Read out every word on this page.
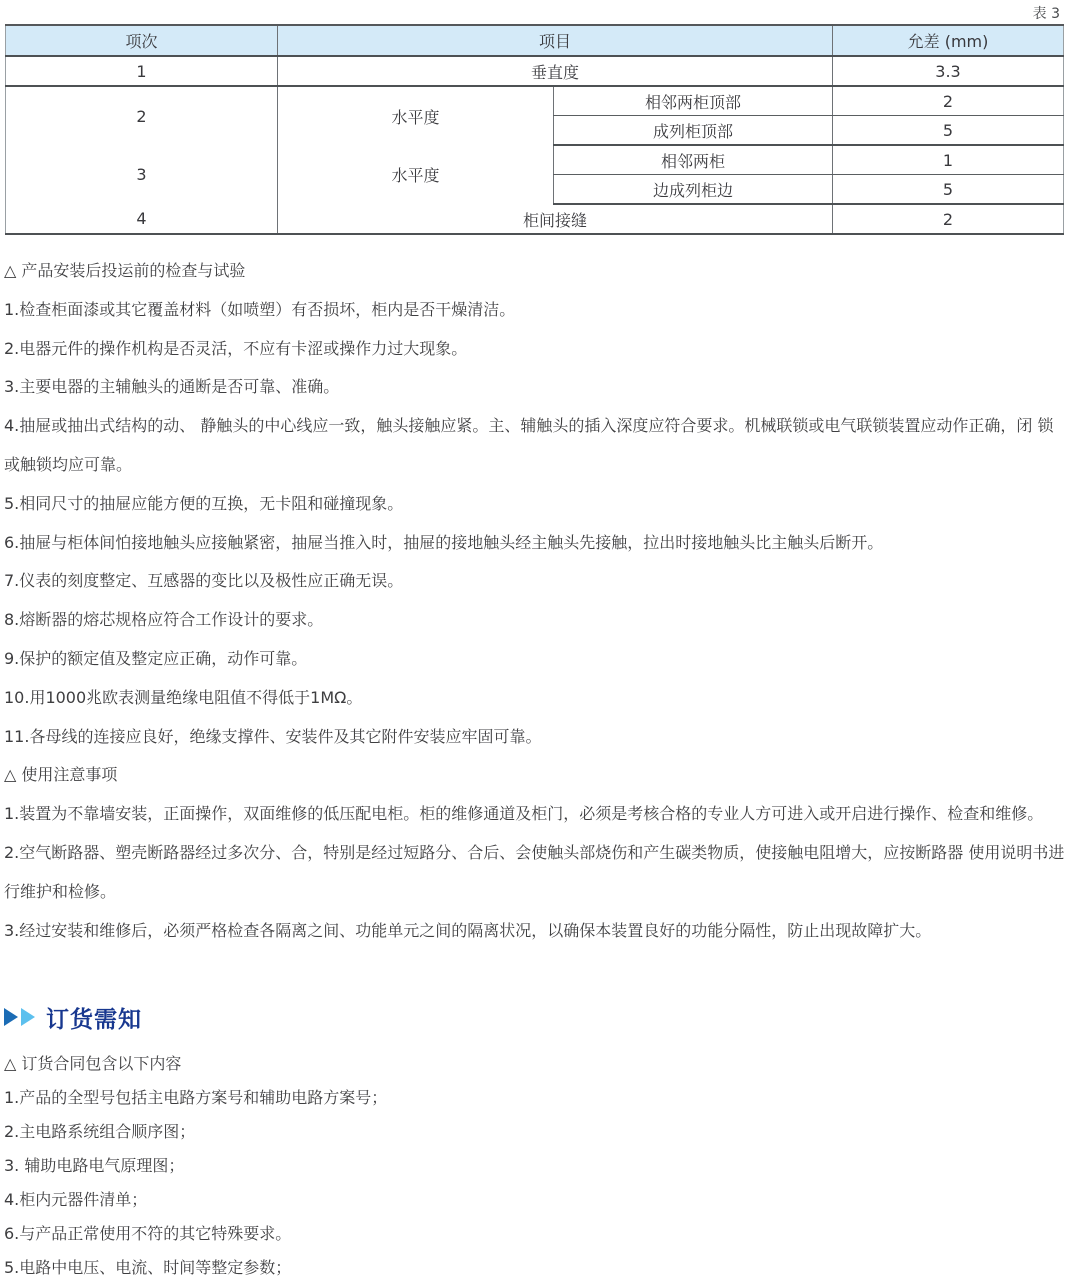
表 3
项次	项目		允差 (mm)
1	垂直度		3.3
2	水平度	相邻两柜顶部	2
		成列柜顶部	5
3	水平度	相邻两柜	1
		边成列柜边	5
4	柜间接缝		2

△ 产品安装后投运前的检查与试验

1.检查柜面漆或其它覆盖材料（如喷塑）有否损坏，柜内是否干燥清洁。

2.电器元件的操作机构是否灵活，不应有卡涩或操作力过大现象。

3.主要电器的主辅触头的通断是否可靠、准确。

4.抽屉或抽出式结构的动、 静触头的中心线应一致，触头接触应紧。主、辅触头的插入深度应符合要求。机械联锁或电气联锁装置应动作正确，闭 锁或触锁均应可靠。

5.相同尺寸的抽屉应能方便的互换，无卡阻和碰撞现象。

6.抽屉与柜体间怕接地触头应接触紧密，抽屉当推入时，抽屉的接地触头经主触头先接触，拉出时接地触头比主触头后断开。

7.仪表的刻度整定、互感器的变比以及极性应正确无误。

8.熔断器的熔芯规格应符合工作设计的要求。

9.保护的额定值及整定应正确，动作可靠。

10.用1000兆欧表测量绝缘电阻值不得低于1MΩ。

11.各母线的连接应良好，绝缘支撑件、安装件及其它附件安装应牢固可靠。

△ 使用注意事项

1.装置为不靠墙安装，正面操作，双面维修的低压配电柜。柜的维修通道及柜门，必须是考核合格的专业人方可进入或开启进行操作、检查和维修。

2.空气断路器、塑壳断路器经过多次分、合，特别是经过短路分、合后、会使触头部烧伤和产生碳类物质，使接触电阻增大，应按断路器 使用说明书进行维护和检修。

3.经过安装和维修后，必须严格检查各隔离之间、功能单元之间的隔离状况，以确保本装置良好的功能分隔性，防止出现故障扩大。

订货需知

△ 订货合同包含以下内容

1.产品的全型号包括主电路方案号和辅助电路方案号；

2.主电路系统组合顺序图；

3. 辅助电路电气原理图；

4.柜内元器件清单；

6.与产品正常使用不符的其它特殊要求。

5.电路中电压、电流、时间等整定参数；
